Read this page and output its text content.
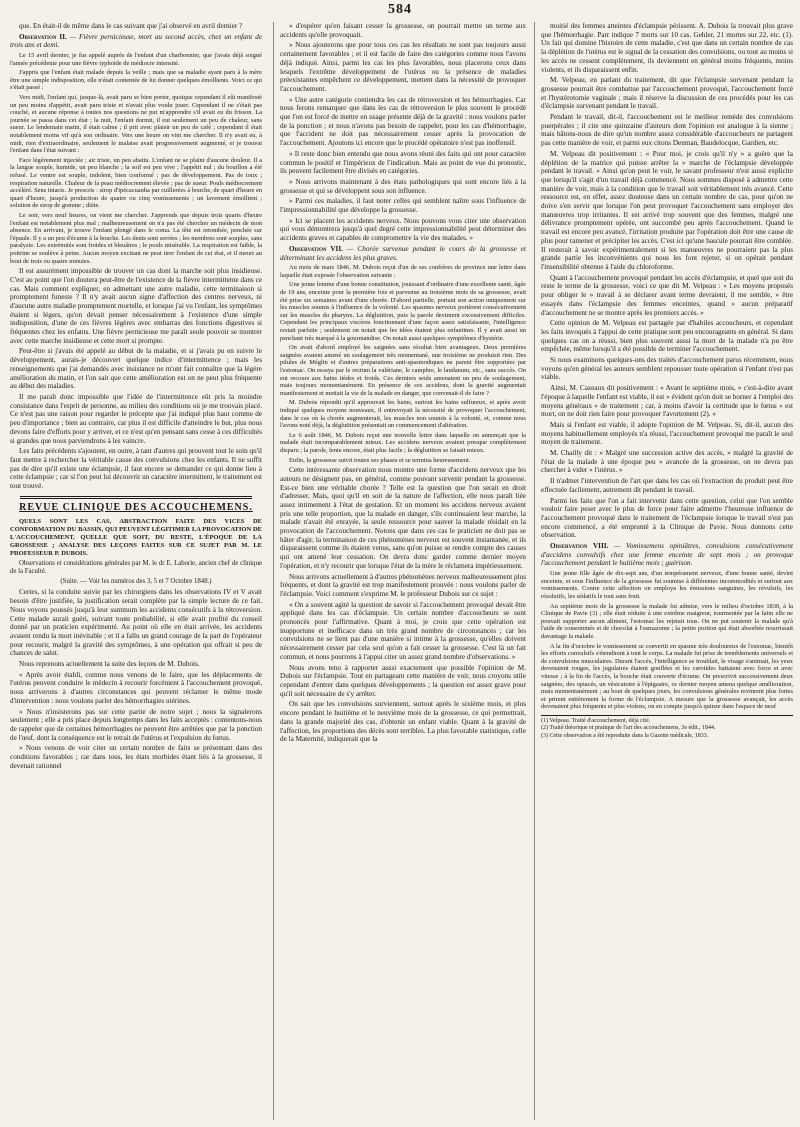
584

que. En était-il de même dans le cas suivant que j'ai observé en avril dernier ?

Observation II. — Fièvre pernicieuse, mort au second accès, chez un enfant de trois ans et demi.

Le 15 avril dernier, je fus appelé auprès de l'enfant d'un charbonnier, que j'avais déjà soigné l'année précédente pour une fièvre typhoïde de médiocre intensité.

J'appris que l'enfant était malade depuis la veille ; mais que sa maladie ayant paru à la mère être une simple indisposition, elle n'était contentée de lui donner quelques émollients. Voici ce qui s'était passé :

Vers midi, l'enfant qui, jusque-là, avait paru se bien porter, quoique cependant il eût manifesté un peu moins d'appétit, avait paru triste et n'avait plus voulu jouer. Cependant il ne s'était pas couché, et aucune réponse à toutes nos questions ne put m'apprendre s'il avait eu du frisson. La journée se passa dans cet état ; la nuit, l'enfant dormit, il eut seulement un peu de chaleur, sans sueur. Le lendemain matin, il était calme ; il prit avec plaisir un peu de café ; cependant il était notablement moins vif qu'à son ordinaire. Vers une heure on vint me chercher. Il n'y avait eu, à midi, rien d'extraordinaire, seulement le malaise avait progressivement augmenté, et je trouvai l'enfant dans l'état suivant :

Face légèrement injectée ; air triste, un peu abattu. L'enfant ne se plaint d'aucune douleur. Il a la langue souple, humide, un peu blanche ; la soif est peu vive ; l'appétit nul ; du bouillon a été refusé. Le ventre est souple, indolent, bien conformé ; pas de développement. Pas de toux ; respiration naturelle. Chaleur de la peau médiocrement élevée ; pas de sueur. Pouls médiocrement accéléré. Sens intacts. Je prescris : sirop d'ipécacuanha par cuillerées à bouche, de quart d'heure en quart d'heure, jusqu'à production de quatre ou cinq vomissements ; un lavement émollient ; solution de sirop de gomme ; diète.

Le soir, vers neuf heures, on vient me chercher. J'apprends que depuis trois quarts d'heure l'enfant est notablement plus mal ; malheureusement on n'a pas été chercher un médecin de mon absence. En arrivant, je trouve l'enfant plongé dans le coma. La tête est retombée, penchée sur l'épaule. Il y a un peu d'écume à la bouche. Les dents sont serrées ; les membres sont souples, sans paralysie. Les extrémités sont froides et bleuâtres ; le pouls misérable. La respiration est faible, la poitrine se soulève à peine. Aucun moyen excitant ne peut tirer l'enfant de cet état, et il meurt au bout de trois ou quatre minutes.

Il est assurément impossible de trouver un cas dont la marche soit plus insidieuse. C'est au point que l'on doutera peut-être de l'existence de la fièvre intermittente dans ce cas. Mais comment expliquer, en admettant une autre maladie, cette terminaison si promptement funeste ? Il n'y avait aucun signe d'affection des centres nerveux, ni d'aucune autre maladie promptement mortelle, et lorsque j'ai vu l'enfant, les symptômes étaient si légers, qu'on devait penser nécessairement à l'existence d'une simple indisposition, d'une de ces fièvres légères avec embarras des fonctions digestives si fréquentes chez les enfants. Une fièvre pernicieuse me paraît seule pouvoir se montrer avec cette marche insidieuse et cette mort si prompte.

Peut-être si j'avais été appelé au début de la maladie, et si j'avais pu en suivre le développement, aurais-je découvert quelque indice d'intermittence ; mais les renseignements que j'ai demandés avec insistance ne m'ont fait connaître que la légère amélioration du matin, et l'on sait que cette amélioration est on ne peut plus fréquente au début des maladies.

Il me paraît donc impossible que l'idée de l'intermittence eût pris la moindre consistance dans l'esprit de personne, au milieu des conditions où je me trouvais placé. Ce n'est pas une raison pour regarder le précepte que j'ai indiqué plus haut comme de peu d'importance ; bien au contraire, car plus il est difficile d'atteindre le but, plus nous devons faire d'efforts pour y arriver, et ce n'est qu'en pensant sans cesse à ces difficultés si grandes que nous parviendrons à les vaincre.

Les faits précédents s'ajoutent, en outre, à tant d'autres qui prouvent tout le soin qu'il faut mettre à rechercher la véritable cause des convulsions chez les enfants. Il ne suffit pas de dire qu'il existe une éclampsie, il faut encore se demander ce qui donne lieu à cette éclampsie ; car si l'on peut lui découvrir un caractère intermittent, le traitement est tout trouvé.

REVUE CLINIQUE DES ACCOUCHEMENS.

QUELS SONT LES CAS, ABSTRACTION FAITE DES VICES DE CONFORMATION DU BASSIN, QUI PEUVENT LÉGITIMER LA PROVOCATION DE L'ACCOUCHEMENT, QUELLE QUE SOIT, DU RESTE, L'ÉPOQUE DE LA GROSSESSE ; ANALYSE DES LEÇONS FAITES SUR CE SUJET PAR M. LE PROFESSEUR P. DUBOIS.

Observations et considérations générales par M. le dr E. Laborie, ancien chef de clinique de la Faculté.

(Suite. — Voir les numéros des 3, 5 et 7 Octobre 1848.)

Certes, si la conduite suivie par les chirurgiens dans les observations IV et V avait besoin d'être justifiée, la justification serait complète par la simple lecture de ce fait. Nous voyons poussés jusqu'à leur summum les accidents consécutifs à la rétroversion. Cette malade aurait guéri, suivant toute probabilité, si elle avait profité du conseil donné par un praticien expérimenté. Au point où elle en était arrivée, les accidents avaient rendu la mort inévitable ; et il a fallu un grand courage de la part de l'opérateur pour recourir, malgré la gravité des symptômes, à une opération qui offrait si peu de chances de salut.

Nous reprenons actuellement la suite des leçons de M. Dubois.

« Après avoir établi, comme nous venons de le faire, que les déplacements de l'utérus peuvent conduire le médecin à recourir forcément à l'accouchement provoqué, nous arriverons à d'autres circonstances qui peuvent réclamer le même mode d'intervention : nous voulons parler des hémorrhagies utérines.

» Nous n'insisterons pas sur cette partie de notre sujet ; nous la signalerons seulement ; elle a pris place depuis longtemps dans les faits acceptés : contentons-nous de rappeler que de certaines hémorrhagies ne peuvent être arrêtées que par la ponction de l'œuf, dont la conséquence est le retrait de l'utérus et l'expulsion du fœtus.

» Nous venons de voir citer un certain nombre de faits se présentant dans des conditions favorables ; car dans tous, les états morbides étant liés à la grossesse, il devenait rationnel

» d'espérer qu'en faisant cesser la grossesse, on pourrait mettre un terme aux accidents qu'elle provoquait.

» Nous ajouterons que pour tous ces cas les résultats ne sont pas toujours aussi certainement favorables ; et il est facile de faire des catégories comme nous l'avons déjà indiqué. Ainsi, parmi les cas les plus favorables, nous placerons ceux dans lesquels l'extrême développement de l'utérus ou la présence de maladies préexistantes empêchent ce développement, mettent dans la nécessité de provoquer l'accouchement.

» Une autre catégorie contiendra les cas de rétroversion et les hémorrhagies. Car nous ferons remarquer que dans les cas de rétroversion le plus souvent le procédé que l'on est forcé de mettre en usage présente déjà de la gravité : nous voulons parler de la ponction ; et nous n'avons pas besoin de rappeler, pour les cas d'hémorrhagie, que l'accident ne doit pas nécessairement cesser après la provocation de l'accouchement. Ajoutons ici encore que le procédé opératoire n'est pas inoffensif.

» Il reste donc bien entendu que nous avons réuni des faits qui ont pour caractère commun le positif et l'impérieux de l'indication. Mais au point de vue du pronostic, ils peuvent facilement être divisés en catégories.

» Nous arrivons maintenant à des états pathologiques qui sont encore liés à la grossesse et qui se développent sous son influence.

» Parmi ces maladies, il faut noter celles qui semblent naître sous l'influence de l'impressionnabilité que développe la grossesse.

» Ici se placent les accidents nerveux. Nous pouvons vous citer une observation qui vous démontrera jusqu'à quel degré cette impressionnabilité peut déterminer des accidents graves et capables de compromettre la vie des malades. »

Observation VII. — Chorée survenue pendant le cours de la grossesse et déterminant les accidens les plus graves.

Au mois de mars 1846, M. Dubois reçut d'un de ses confrères de province une lettre dans laquelle était exposée l'observation suivante :

Une jeune femme d'une bonne constitution, jouissant d'ordinaire d'une excellente santé, âgée de 19 ans, enceinte pour la première fois et parvenue au troisième mois de sa grossesse, avait été prise six semaines avant d'une chorée. D'abord partielle, portant son action uniquement sur les muscles soumis à l'influence de la volonté. Les spasmes nerveux portèrent consécutivement sur les muscles du pharynx. La déglutition, puis la parole devinrent excessivement difficiles. Cependant les principaux viscères fonctionnant d'une façon assez satisfaisante, l'intelligence restait parfaite ; seulement on notait que les idées étaient plus enfantines. Il y avait aussi un penchant très marqué à la gourmandise. On notait aussi quelques symptômes d'hystérie.

On avait d'abord employé les saignées sans résultat bien avantageux. Deux premières saignées avaient amené un soulagement très momentané, une troisième ne produisit rien. Des pilules de Méglin et d'autres préparations anti-spasmodiques ne parent être supportées par l'estomac. On essaya par le rectum la valériane, le camphre, le laudanum, etc., sans succès. On eut recours aux bains tièdes et froids. Ces derniers seuls amenaient un peu de soulagement, mais toujours momentanément. En présence de ces accidens, dont la gravité augmentait manifestement et mettait la vie de la malade en danger, que convenait-il de faire ?

M. Dubois répondit qu'il approuvait les bains, surtout les bains sulfureux, et après avoir indiqué quelques moyens nouveaux, il entrevoyait la nécessité de provoquer l'accouchement, dans le cas où la chorée augmenterait, les muscles non soumis à la volonté, et, comme nous l'avons noté déjà, la déglutition présentait un commencement d'altération.

Le 6 août 1846, M. Dubois reçut une nouvelle lettre dans laquelle on annonçait que la malade était incomparablement mieux. Les accidens nerveux avaient presque complètement disparu ; la parole, lente encore, était plus facile ; la déglutition se faisait mieux.

Enfin, la grossesse suivit toutes ses phases et se termina heureusement.

Cette intéressante observation nous montre une forme d'accidens nerveux que les auteurs ne désignent pas, en général, comme pouvant survenir pendant la grossesse. Est-ce bien une véritable chorée ? Telle est la question que l'on serait en droit d'adresser. Mais, quoi qu'il en soit de la nature de l'affection, elle nous paraît liée assez intimement à l'état de gestation. Et un moment les accidens nerveux avaient pris une telle proportion, que la malade en danger, s'ils continuaient leur marche, la malade n'avait été enrayée, la seule ressource pour sauver la malade résidait en la provocation de l'accouchement. Notons que dans ces cas le praticien ne doit pas se hâter d'agir, la terminaison de ces phénomènes nerveux est souvent instantanée, et ils disparaissent comme ils étaient venus, sans qu'on puisse se rendre compte des causes qui ont amené leur cessation. On devra donc garder comme dernier moyen l'opération, et n'y recourir que lorsque l'état de la mère le réclamera impérieusement.

Nous arrivons actuellement à d'autres phénomènes nerveux malheureusement plus fréquents, et dont la gravité est trop manifestement prouvée : nous voulons parler de l'éclampsie. Voici comment s'exprime M. le professeur Dubois sur ce sujet :

« On a souvent agité la question de savoir si l'accouchement provoqué devait être appliqué dans les cas d'éclampsie. Un certain nombre d'accoucheurs se sont prononcés pour l'affirmative. Quant à moi, je crois que cette opération est inopportune et inefficace dans un très grand nombre de circonstances ; car les convulsions ne se lient pas d'une manière si intime à la grossesse, qu'elles doivent nécessairement cesser par cela seul qu'on a fait cesser la grossesse. C'est là un fait commun, et nous pourrons à l'appui citer un assez grand nombre d'observations. »

Nous avons tenu à rapporter aussi exactement que possible l'opinion de M. Dubois sur l'éclampsie. Tout en partageant cette manière de voir, nous croyons utile cependant d'entrer dans quelques développements ; la question est assez grave pour qu'il soit nécessaire de s'y arrêter.

On sait que les convulsions surviennent, surtout après le sixième mois, et plus encore pendant le huitième et le neuvième mois de la grossesse, ce qui permettrait, dans la grande majorité des cas, d'obtenir un enfant viable. Quant à la gravité de l'affection, les proportions des décès sont terribles. La plus favorable statistique, celle de la Maternité, indiquerait que la

moitié des femmes atteintes d'éclampsie périssent. A. Dubois la trouvait plus grave que l'hémorrhagie. Parr indique 7 morts sur 10 cas. Gehler, 21 mortes sur 22, etc. (1). Un fait qui domine l'histoire de cette maladie, c'est que dans un certain nombre de cas la déplétion de l'utérus est le signal de la cessation des convulsions, ou tout au moins si les accès ne cessent complètement, ils deviennent en général moins fréquents, moins violents, et ils disparaissent enfin.

M. Velpeau, en parlant du traitement, dit que l'éclampsie survenant pendant la grossesse pourrait être combattue par l'accouchement provoqué, l'accouchement forcé et l'hystérotomie vaginale ; mais il réserve la discussion de ces procédés pour les cas d'éclampsie survenant pendant le travail.

Pendant le travail, dit-il, l'accouchement est le meilleur remède des convulsions puerpérales ; il cite une quinzaine d'auteurs dont l'opinion est analogue à la sienne ; mais bâtons-nous de dire qu'un nombre assez considérable d'accoucheurs ne partagent pas cette manière de voir, et parmi eux citons Denman, Baudelocque, Gardien, etc.

M. Velpeau dit positivement : « Pour moi, je crois qu'il n'y » a guère que la déplétion de la matrice qui puisse arrêter la » marche de l'éclampsie développée pendant le travail. » Ainsi qu'on peut le voir, le savant professeur n'est aussi explicite que lorsqu'il s'agit d'un travail déjà commencé. Nous sommes disposé à admettre cette manière de voir, mais à la condition que le travail soit véritablement très avancé. Cette ressource est, en effet, assez douteuse dans un certain nombre de cas, pour qu'on ne doive s'en servir que lorsque l'on peut provoquer l'accouchement sans employer des manœuvres trop irritantes. Il est arrivé trop souvent que des femmes, malgré une délivrance promptement opérée, ont succombé peu après l'accouchement. Quand le travail est encore peu avancé, l'irritation produite par l'opération doit être une cause de plus pour ramener et précipiter les accès. C'est ici qu'une bascule pourrait être comblée. Il resterait à savoir expérimentalement si les manœuvres ne pourraient pas la plus grande partie les inconvénients qui nous les font rejeter, si on opérait pendant l'insensibilité obtenue à l'aide du chloroforme.

Quant à l'accouchement provoqué pendant les accès d'éclampsie, et quel que soit du reste le terme de la grossesse, voici ce que dit M. Velpeau : « Les moyens proposés pour obliger le » travail à se déclarer avant terme devraient, il me semble, » être essayés dans l'éclampsie des femmes enceintes, quand » aucun préparatif d'accouchement ne se montre après les premiers accès. »

Cette opinion de M. Velpeau est partagée par d'habiles accoucheurs, et cependant les faits invoqués à l'appui de cette pratique sont peu encourageants en général. Si dans quelques cas on a réussi, bien plus souvent aussi la mort de la malade n'a pu être empêchée, même lorsqu'il a été possible de terminer l'accouchement.

Si nous examinons quelques-uns des traités d'accouchement parus récemment, nous voyons qu'en général les auteurs semblent repousser toute opération si l'enfant n'est pas viable.

Ainsi, M. Cazeaux dit positivement : « Avant le septième mois, » c'est-à-dire avant l'époque à laquelle l'enfant est viable, il est » évident qu'on doit se borner à l'emploi des moyens généraux » de traitement ; car, à moins d'avoir la certitude que le fœtus » est mort, on ne doit rien faire pour provoquer l'avortement (2). »

Mais si l'enfant est viable, il adopte l'opinion de M. Velpeau. Si, dit-il, aucun des moyens habituellement employés n'a réussi, l'accouchement provoqué me paraît le seul moyen de traitement.

M. Chailly dit : « Malgré une succession active des accès, » malgré la gravité de l'état de la malade à une époque peu » avancée de la grossesse, on ne devra pas chercher à vider » l'utérus. »

Il n'admet l'intervention de l'art que dans les cas où l'extraction du produit peut être effectuée facilement, autrement dit pendant le travail.

Parmi les faits que l'on a fait intervenir dans cette question, celui que l'on semble vouloir faire peser avec le plus de force pour faire admettre l'heureuse influence de l'accouchement provoqué dans le traitement de l'éclampsie lorsque le travail n'est pas encore commencé, a été emprunté à la Clinique de Pavie. Nous donnons cette observation.

Observation VIII. — Vomissemens opiniâtres, convulsions consécutivement d'accidens convulsifs chez une femme enceinte de sept mois ; on provoque l'accouchement pendant le huitième mois ; guérison.

Une jeune fille âgée de dix-sept ans, d'un tempérament nerveux, d'une bonne santé, devint enceinte, et sous l'influence de la grossesse fut soumise à différentes incommodités et surtout aux vomissements. Contre cette affection on employa les émissions sanguines, les révulsifs, les résolutifs, les sédatifs le tout sans fruit.

Au septième mois de la grossesse la malade fut admise, vers le milieu d'octobre 1830, à la Clinique de Pavie (3) ; elle était réduite à une extrême maigreur, tourmentée par la faim elle ne pouvait supporter aucun aliment, l'estomac les rejetait tous. On ne put soutenir la malade qu'à l'aide de consommés et de chocolat à l'osmazome ; la petite portion qui était absorbée nourrissait davantage la malade.

A la fin d'octobre le vomissement se convertit en spasme très douloureux de l'estomac, bientôt les efforts convulsifs s'étendirent à tout le corps. La malade fut prise de tremblements universels et de convulsions musculaires. Durant l'accès, l'intelligence se troublait, le visage s'animait, les yeux devenaient rouges, les jugulaires étaient gonflées et les carotides battaient avec force et avec vitesse ; à la fin de l'accès, la bouche était couverte d'écume. On prescrivit successivement deux saignées, des opiacés, un vésicatoire à l'épigastre, ce dernier moyen amena quelque amélioration, mais momentanément ; au bout de quelques jours, les convulsions générales revinrent plus fortes et prirent entièrement la forme de l'éclampsie. A mesure que la grossesse avançait, les accès devenaient plus fréquents et plus violens, on en compte jusqu'à quinze dans l'espace de neuf

(1) Velpeau. Traité d'accouchement, déjà cité.
(2) Traité théorique et pratique de l'art des accouchemens, 3e édit., 1844.
(3) Cette observation a été reproduite dans la Gazette médicale, 1833.
